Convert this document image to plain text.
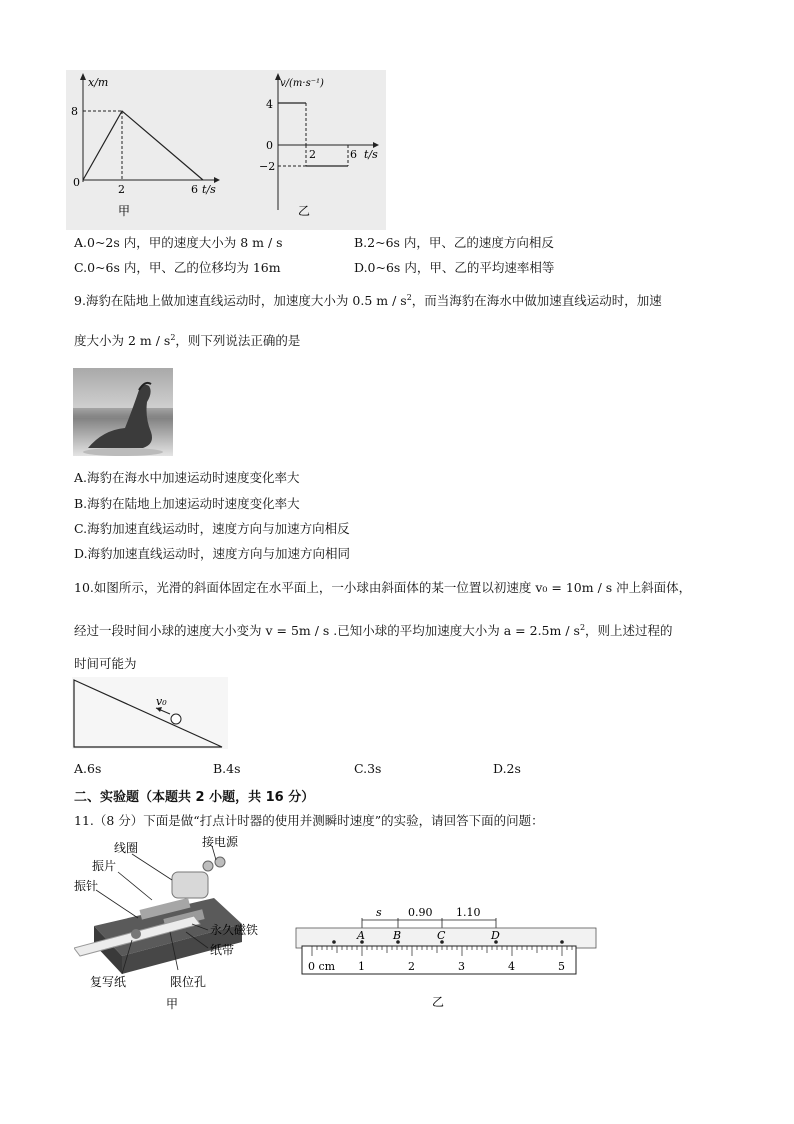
x/m
8
0
2	6 t/s
甲
v/(m·s⁻¹)
4
0
−2
2	6 t/s
乙
A.0~2s 内，甲的速度大小为 8 m / s	B.2~6s 内，甲、乙的速度方向相反
C.0~6s 内，甲、乙的位移均为 16m	D.0~6s 内，甲、乙的平均速率相等
9.海豹在陆地上做加速直线运动时，加速度大小为 0.5 m / $s^2$，而当海豹在海水中做加速直线运动时，加速
度大小为 2 m / $s^2$，则下列说法正确的是
A.海豹在海水中加速运动时速度变化率大
B.海豹在陆地上加速运动时速度变化率大
C.海豹加速直线运动时，速度方向与加速方向相反
D.海豹加速直线运动时，速度方向与加速方向相同
10.如图所示，光滑的斜面体固定在水平面上，一小球由斜面体的某一位置以初速度 v₀ = 10m / s 冲上斜面体，
经过一段时间小球的速度大小变为 v = 5m / s .已知小球的平均加速度大小为 $a = 2.5m / s^2$，则上述过程的
时间可能为
v₀
A.6s	B.4s	C.3s	D.2s
二、实验题（本题共 2 小题，共 16 分）
11.（8 分）下面是做“打点计时器的使用并测瞬时速度”的实验，请回答下面的问题：
线圈	接电源
振片
振针
永久磁铁
纸带
复写纸	限位孔
甲
s 0.90 1.10
A	B	C	D
0 cm 1	2	3	4	5
乙
